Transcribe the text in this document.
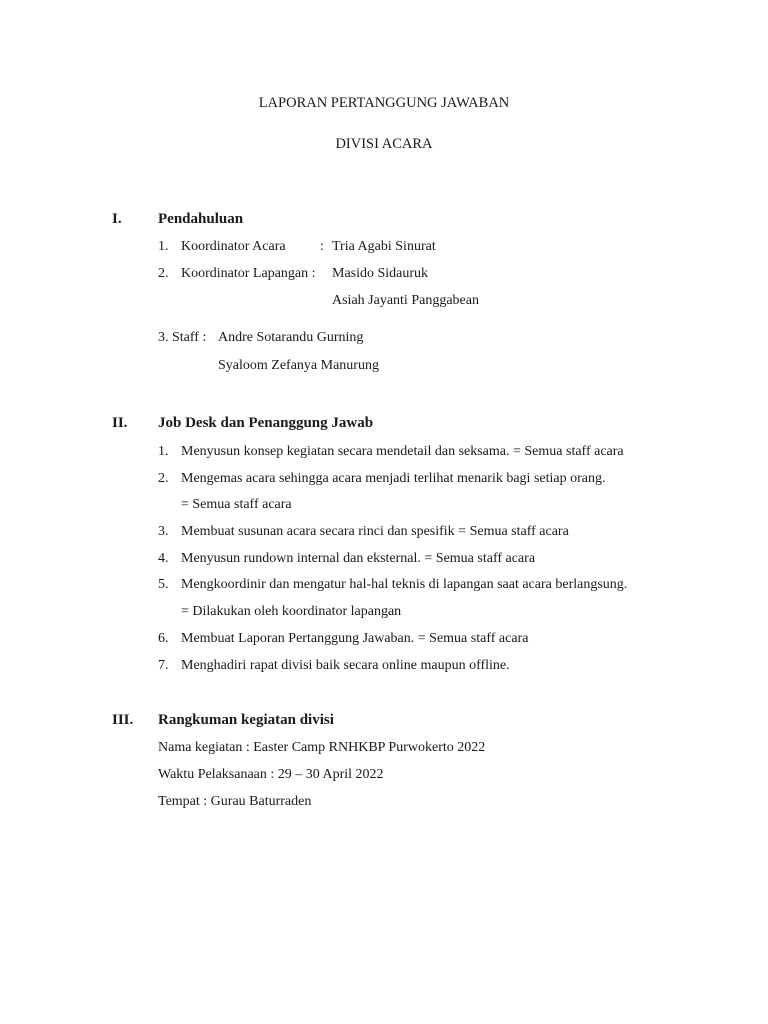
LAPORAN PERTANGGUNG JAWABAN
DIVISI ACARA
I. Pendahuluan
1. Koordinator Acara : Tria Agabi Sinurat
2. Koordinator Lapangan : Masido Sidauruk
Asiah Jayanti Panggabean
3. Staff : Andre Sotarandu Gurning
Syaloom Zefanya Manurung
II. Job Desk dan Penanggung Jawab
1. Menyusun konsep kegiatan secara mendetail dan seksama. = Semua staff acara
2. Mengemas acara sehingga acara menjadi terlihat menarik bagi setiap orang.
= Semua staff acara
3. Membuat susunan acara secara rinci dan spesifik = Semua staff acara
4. Menyusun rundown internal dan eksternal. = Semua staff acara
5. Mengkoordinir dan mengatur hal-hal teknis di lapangan saat acara berlangsung.
= Dilakukan oleh koordinator lapangan
6. Membuat Laporan Pertanggung Jawaban. = Semua staff acara
7. Menghadiri rapat divisi baik secara online maupun offline.
III. Rangkuman kegiatan divisi
Nama kegiatan : Easter Camp RNHKBP Purwokerto 2022
Waktu Pelaksanaan : 29 – 30 April 2022
Tempat : Gurau Baturraden
